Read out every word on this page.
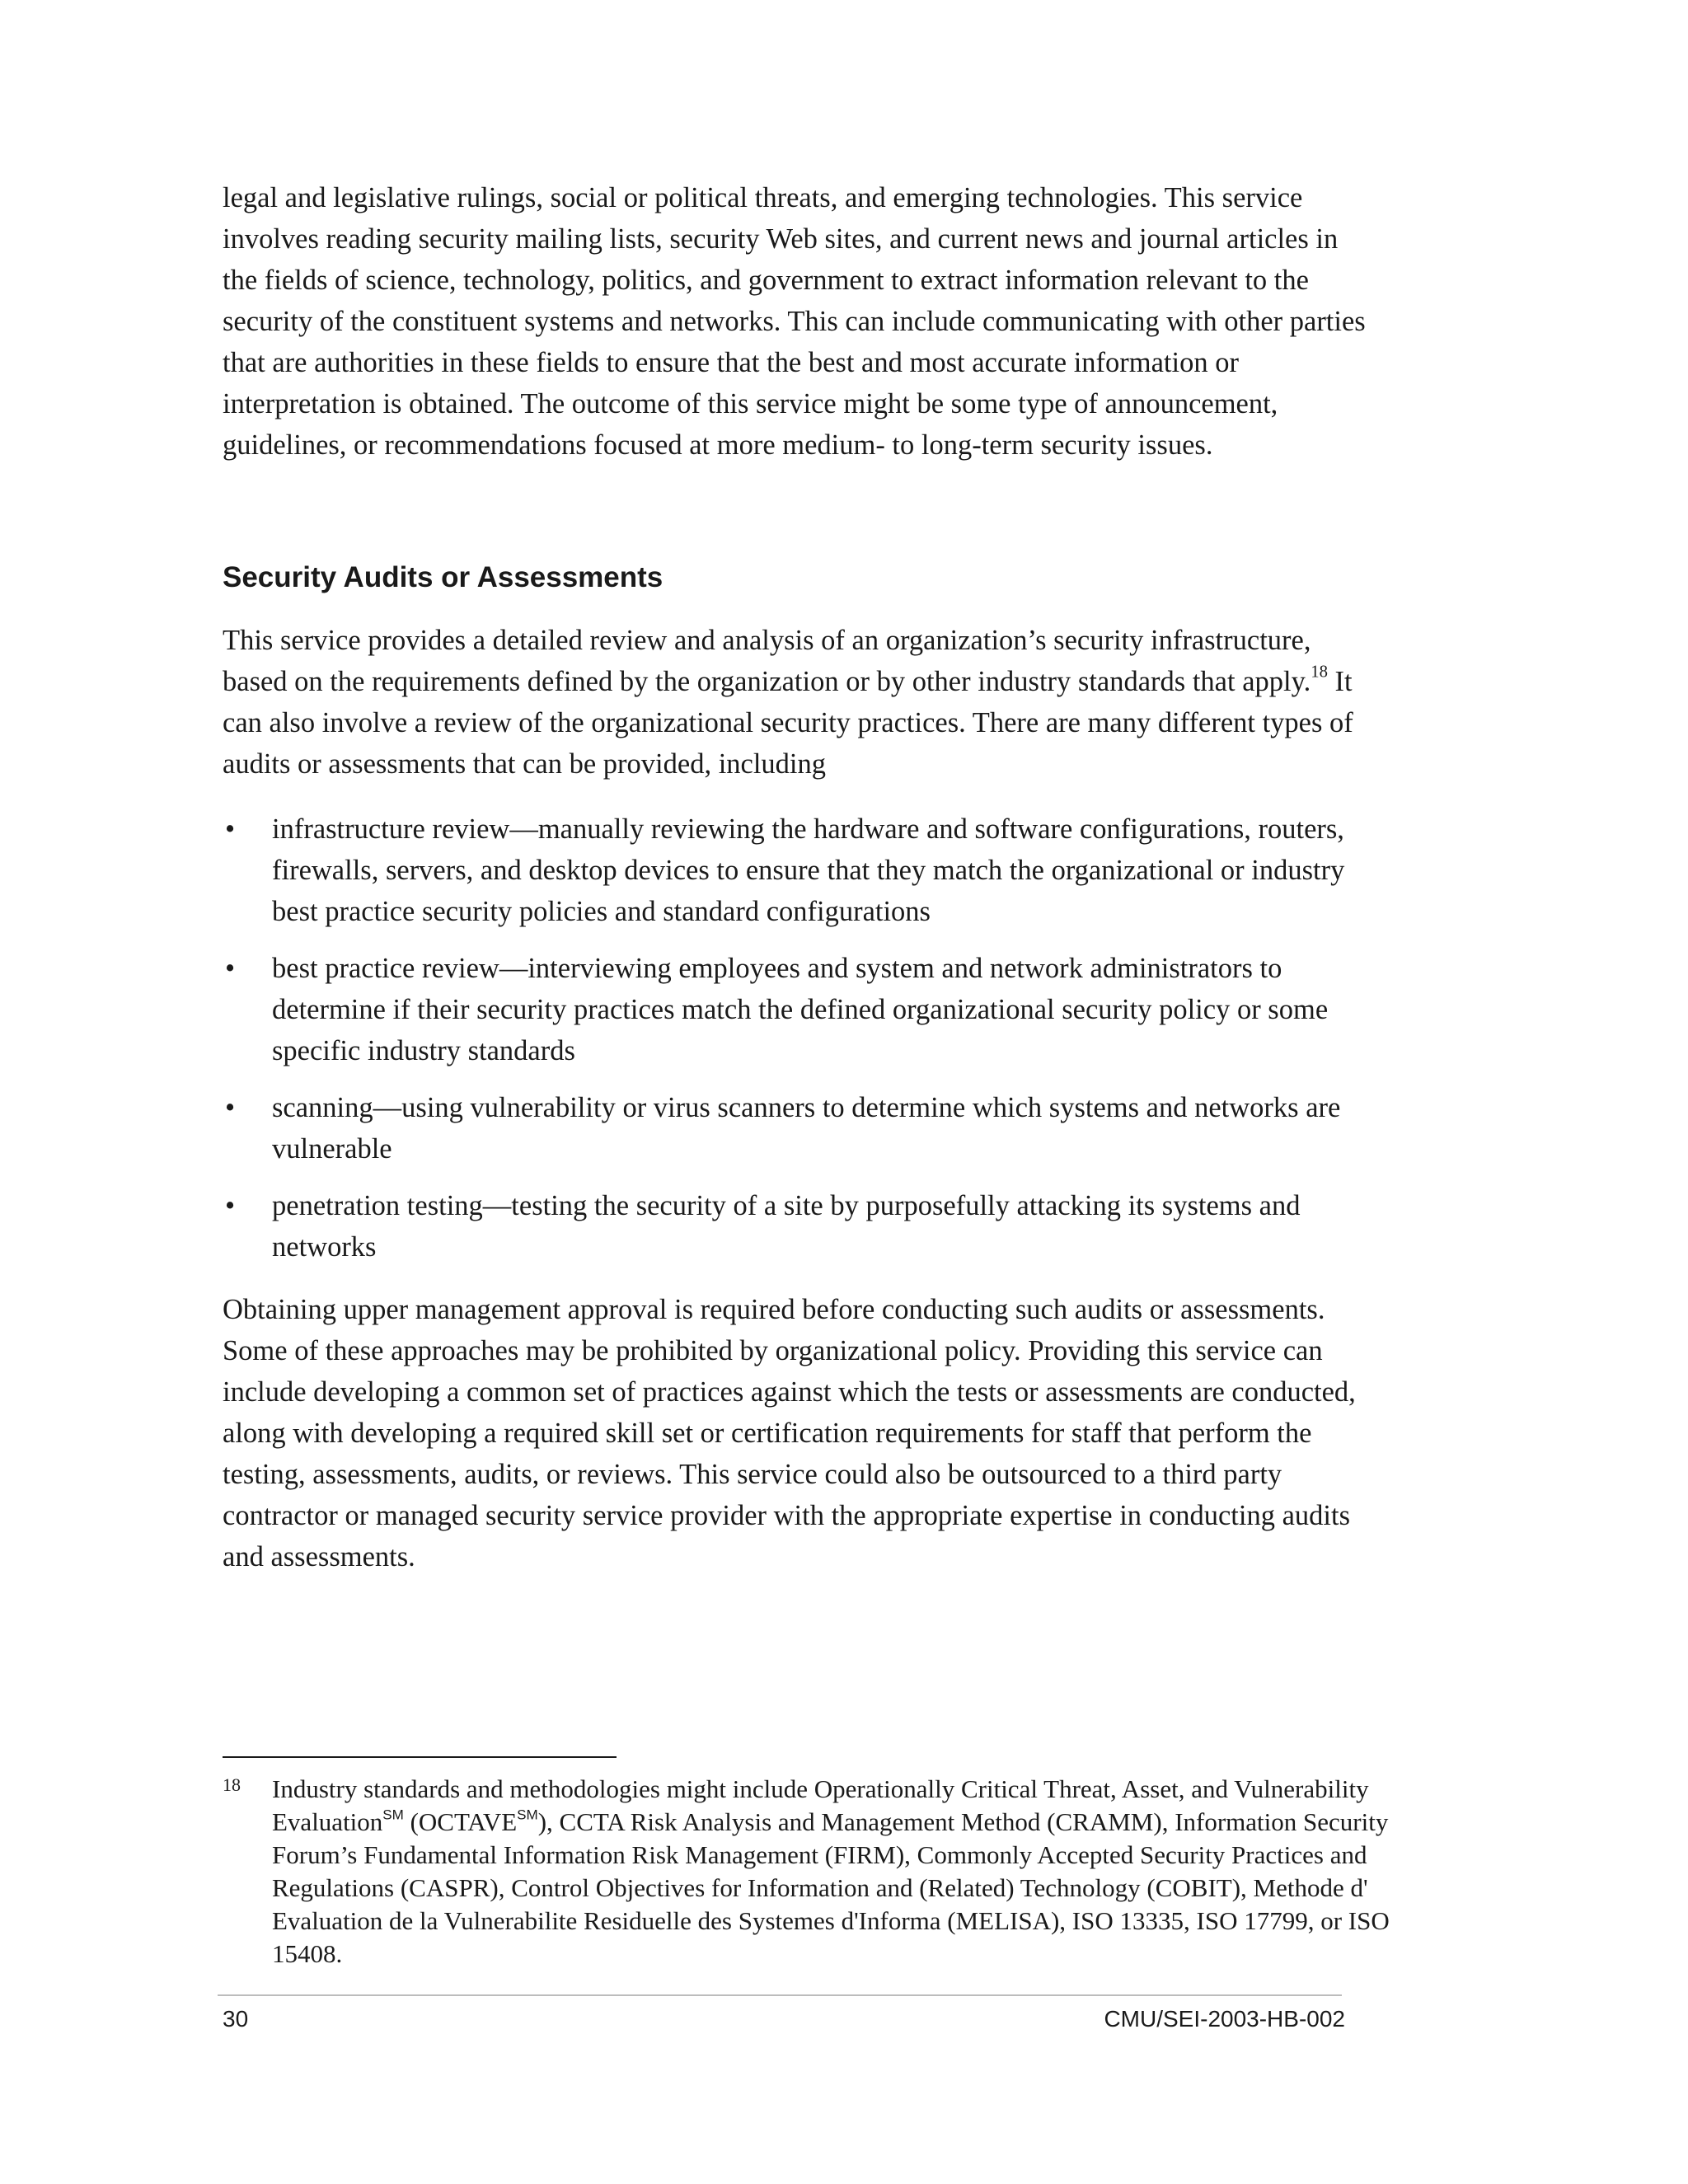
legal and legislative rulings, social or political threats, and emerging technologies. This service involves reading security mailing lists, security Web sites, and current news and journal articles in the fields of science, technology, politics, and government to extract information relevant to the security of the constituent systems and networks. This can include communicating with other parties that are authorities in these fields to ensure that the best and most accurate information or interpretation is obtained. The outcome of this service might be some type of announcement, guidelines, or recommendations focused at more medium- to long-term security issues.

Security Audits or Assessments

This service provides a detailed review and analysis of an organization’s security infrastructure, based on the requirements defined by the organization or by other industry standards that apply.$^{18}$ It can also involve a review of the organizational security practices. There are many different types of audits or assessments that can be provided, including

• infrastructure review—manually reviewing the hardware and software configurations, routers, firewalls, servers, and desktop devices to ensure that they match the organizational or industry best practice security policies and standard configurations
• best practice review—interviewing employees and system and network administrators to determine if their security practices match the defined organizational security policy or some specific industry standards
• scanning—using vulnerability or virus scanners to determine which systems and networks are vulnerable
• penetration testing—testing the security of a site by purposefully attacking its systems and networks

Obtaining upper management approval is required before conducting such audits or assessments. Some of these approaches may be prohibited by organizational policy. Providing this service can include developing a common set of practices against which the tests or assessments are conducted, along with developing a required skill set or certification requirements for staff that perform the testing, assessments, audits, or reviews. This service could also be outsourced to a third party contractor or managed security service provider with the appropriate expertise in conducting audits and assessments.

18 Industry standards and methodologies might include Operationally Critical Threat, Asset, and Vulnerability Evaluation℠ (OCTAVE℠), CCTA Risk Analysis and Management Method (CRAMM), Information Security Forum’s Fundamental Information Risk Management (FIRM), Commonly Accepted Security Practices and Regulations (CASPR), Control Objectives for Information and (Related) Technology (COBIT), Methode d' Evaluation de la Vulnerabilite Residuelle des Systemes d'Informa (MELISA), ISO 13335, ISO 17799, or ISO 15408.

30	CMU/SEI-2003-HB-002
